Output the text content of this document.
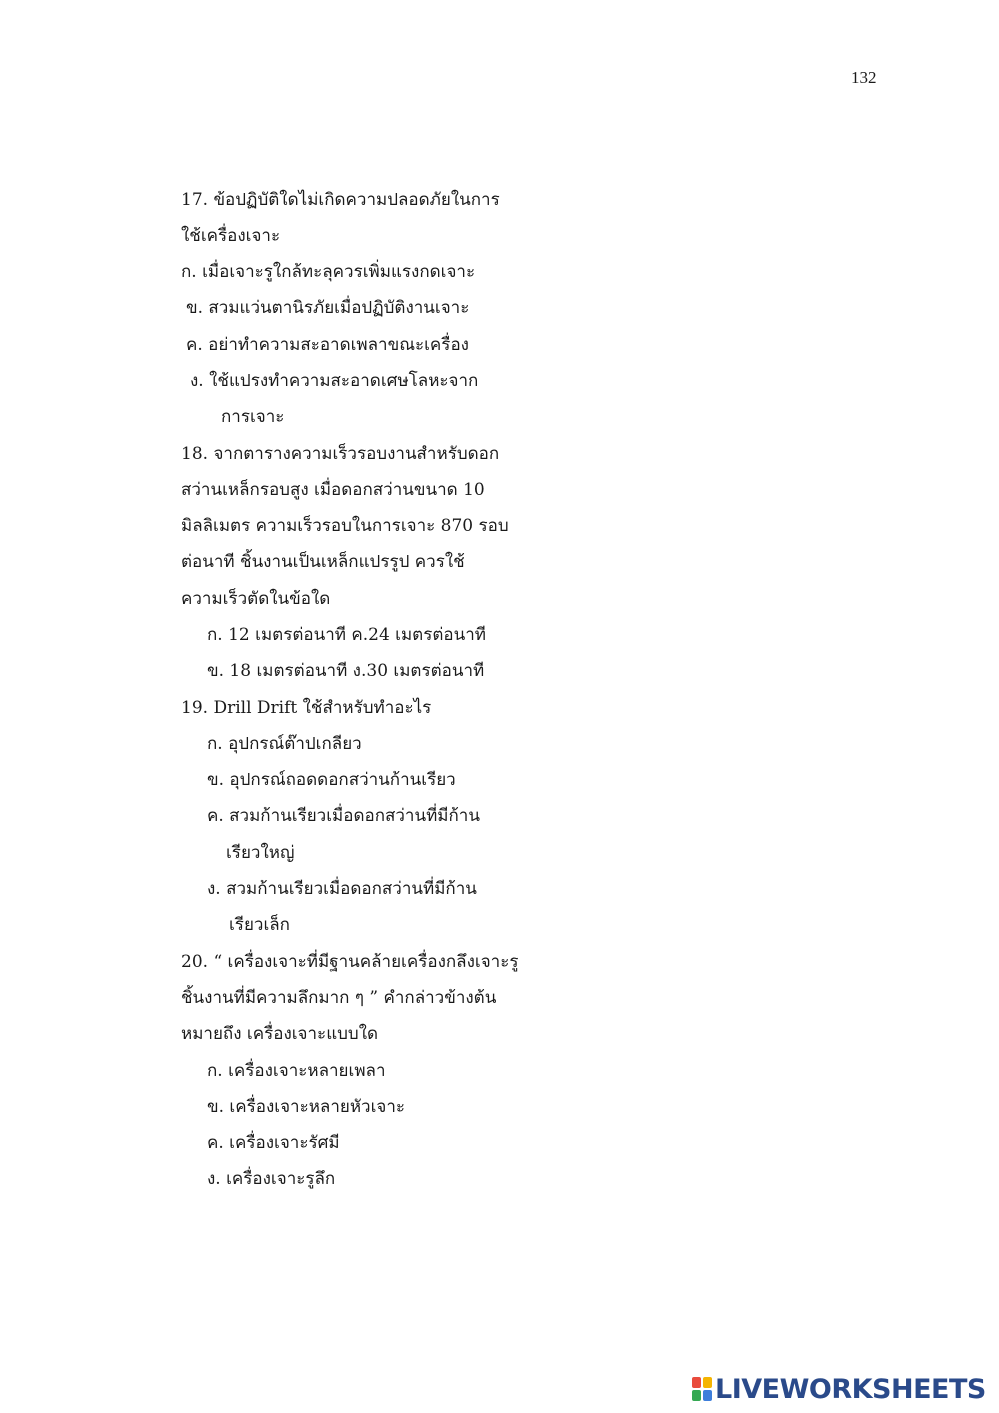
132
17. ข้อปฏิบัติใดไม่เกิดความปลอดภัยในการ
ใช้เครื่องเจาะ
ก. เมื่อเจาะรูใกล้ทะลุควรเพิ่มแรงกดเจาะ
ข. สวมแว่นตานิรภัยเมื่อปฏิบัติงานเจาะ
ค. อย่าทำความสะอาดเพลาขณะเครื่อง
ง. ใช้แปรงทำความสะอาดเศษโลหะจาก
การเจาะ
18. จากตารางความเร็วรอบงานสำหรับดอก
สว่านเหล็กรอบสูง เมื่อดอกสว่านขนาด 10
มิลลิเมตร ความเร็วรอบในการเจาะ 870 รอบ
ต่อนาที ชิ้นงานเป็นเหล็กแปรรูป ควรใช้
ความเร็วตัดในข้อใด
ก. 12 เมตรต่อนาที ค.24 เมตรต่อนาที
ข. 18 เมตรต่อนาที ง.30 เมตรต่อนาที
19. Drill Drift ใช้สำหรับทำอะไร
ก. อุปกรณ์ต๊าปเกลียว
ข. อุปกรณ์ถอดดอกสว่านก้านเรียว
ค. สวมก้านเรียวเมื่อดอกสว่านที่มีก้าน
เรียวใหญ่
ง. สวมก้านเรียวเมื่อดอกสว่านที่มีก้าน
เรียวเล็ก
20. “ เครื่องเจาะที่มีฐานคล้ายเครื่องกลึงเจาะรู
ชิ้นงานที่มีความลึกมาก ๆ ” คำกล่าวข้างต้น
หมายถึง เครื่องเจาะแบบใด
ก. เครื่องเจาะหลายเพลา
ข. เครื่องเจาะหลายหัวเจาะ
ค. เครื่องเจาะรัศมี
ง. เครื่องเจาะรูลึก
LIVEWORKSHEETS
